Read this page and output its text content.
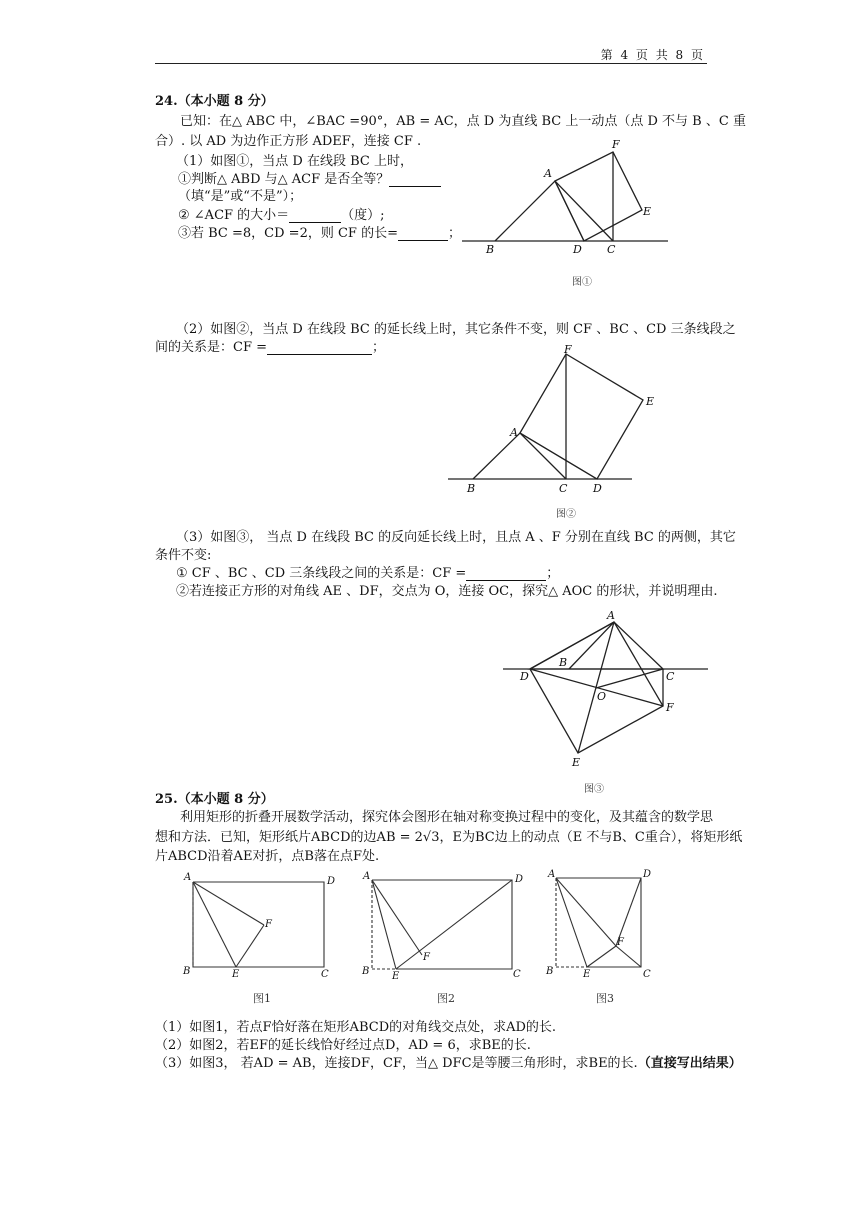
第 4 页 共 8 页
24.（本小题 8 分）
已知：在△ ABC 中，∠BAC =90°，AB = AC，点 D 为直线 BC 上一动点（点 D 不与 B 、C 重
合）. 以 AD 为边作正方形 ADEF，连接 CF .
（1）如图①，当点 D 在线段 BC 上时，
①判断△ ABD 与△ ACF 是否全等？
（填“是”或“不是”）；
② ∠ACF 的大小＝	（度）;
③若 BC =8，CD =2，则 CF 的长=	；
A
F
E
B	D C
图①
（2）如图②，当点 D 在线段 BC 的延长线上时，其它条件不变，则 CF 、BC 、CD 三条线段之
间的关系是：CF =	；
A
F
E
B	C D
图②
（3）如图③， 当点 D 在线段 BC 的反向延长线上时，且点 A 、F 分别在直线 BC 的两侧，其它
条件不变:
① CF 、BC 、CD 三条线段之间的关系是：CF =	；
②若连接正方形的对角线 AE 、DF，交点为 O，连接 OC，探究△ AOC 的形状，并说明理由.
A
B
D	C
O
F
E
图③
25.（本小题 8 分）
利用矩形的折叠开展数学活动，探究体会图形在轴对称变换过程中的变化，及其蕴含的数学思
想和方法．已知，矩形纸片ABCD的边AB = 2√3，E为BC边上的动点（E 不与B、C重合），将矩形纸
片ABCD沿着AE对折，点B落在点F处.
A	D
F
B	E	C
A	D
F
B E	C
A	D
F
B	E	C
图1	图2	图3
（1）如图1，若点F恰好落在矩形ABCD的对角线交点处，求AD的长.
（2）如图2，若EF的延长线恰好经过点D，AD = 6，求BE的长.
（3）如图3， 若AD = AB，连接DF，CF，当△ DFC是等腰三角形时，求BE的长.（直接写出结果）
